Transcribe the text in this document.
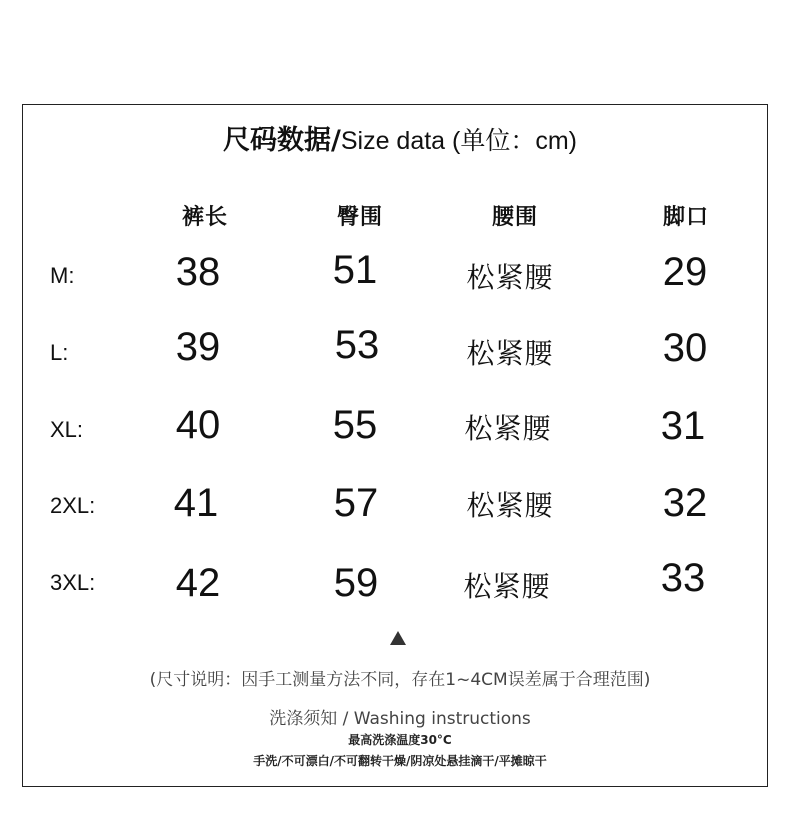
尺码数据/Size data (单位：cm)
裤长	臀围	腰围	脚口
M:	38	51	松紧腰	29
L:	39	53	松紧腰	30
XL: 40	55	松紧腰	31
2XL: 41	57	松紧腰	32
3XL: 42	59	松紧腰	33
(尺寸说明：因手工测量方法不同，存在1~4CM误差属于合理范围)
洗涤须知 / Washing instructions
最高洗涤温度30°C
手洗/不可漂白/不可翻转干燥/阴凉处悬挂滴干/平摊晾干
